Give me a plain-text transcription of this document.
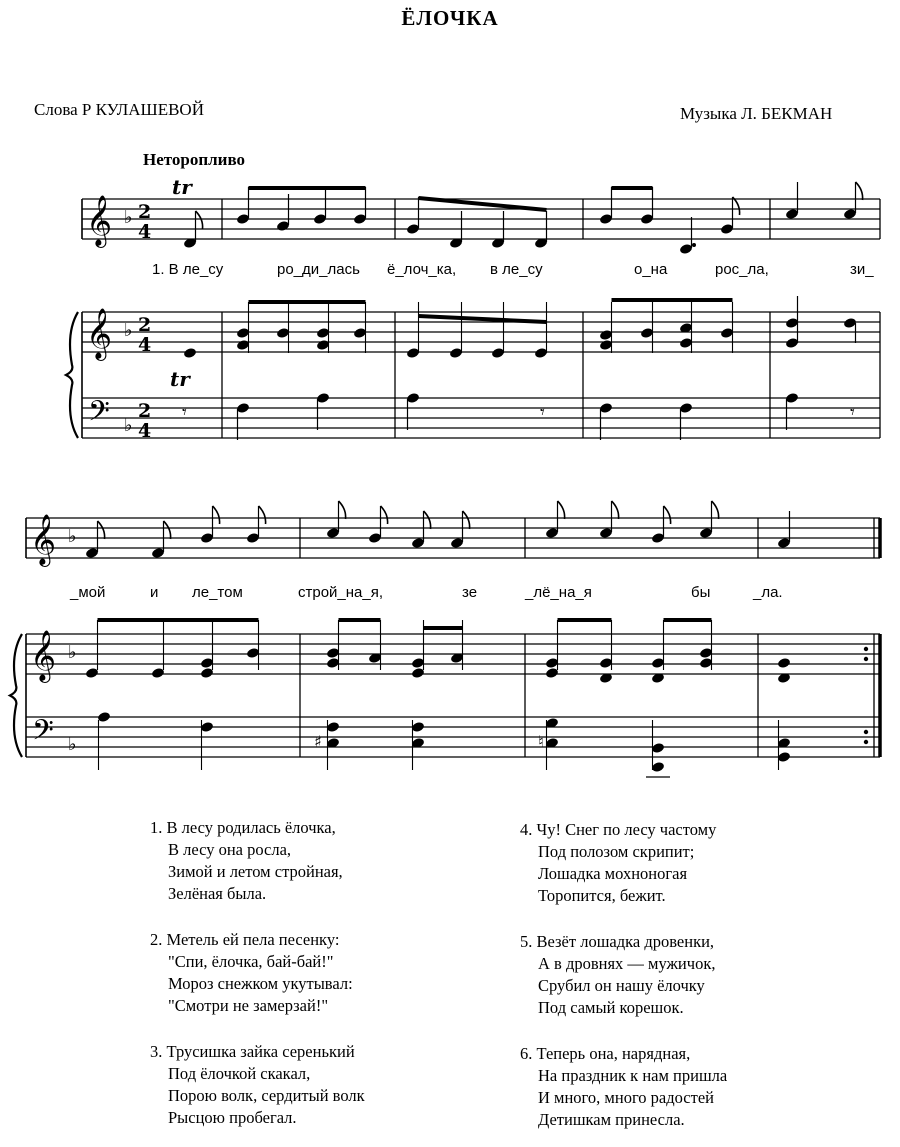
ЁЛОЧКА
Слова Р КУЛАШЕВОЙ	Музыка Л. БЕКМАН
Неторопливо
𝄞
𝄞
𝄢
♭
♭
♭
2
4
2
4
2
4
tr
tr
𝄾	𝄾	𝄾
1. В ле_су	ро_ди_лась ё_лоч_ка, в ле_су	о_на	рос_ла,	зи_
𝄞
𝄞
𝄢
♭
♭
♭	♯	♮
_мой	и ле_том	строй_на_я,	зе	_лё_на_я	бы	_ла.
1. В лесу родилась ёлочка,
В лесу она росла,
Зимой и летом стройная,
Зелёная была.
2. Метель ей пела песенку:
"Спи, ёлочка, бай-бай!"
Мороз снежком укутывал:
"Смотри не замерзай!"
3. Трусишка зайка серенький
Под ёлочкой скакал,
Порою волк, сердитый волк
Рысцою пробегал.
4. Чу! Снег по лесу частому
Под полозом скрипит;
Лошадка мохноногая
Торопится, бежит.
5. Везёт лошадка дровенки,
А в дровнях — мужичок,
Срубил он нашу ёлочку
Под самый корешок.
6. Теперь она, нарядная,
На праздник к нам пришла
И много, много радостей
Детишкам принесла.
